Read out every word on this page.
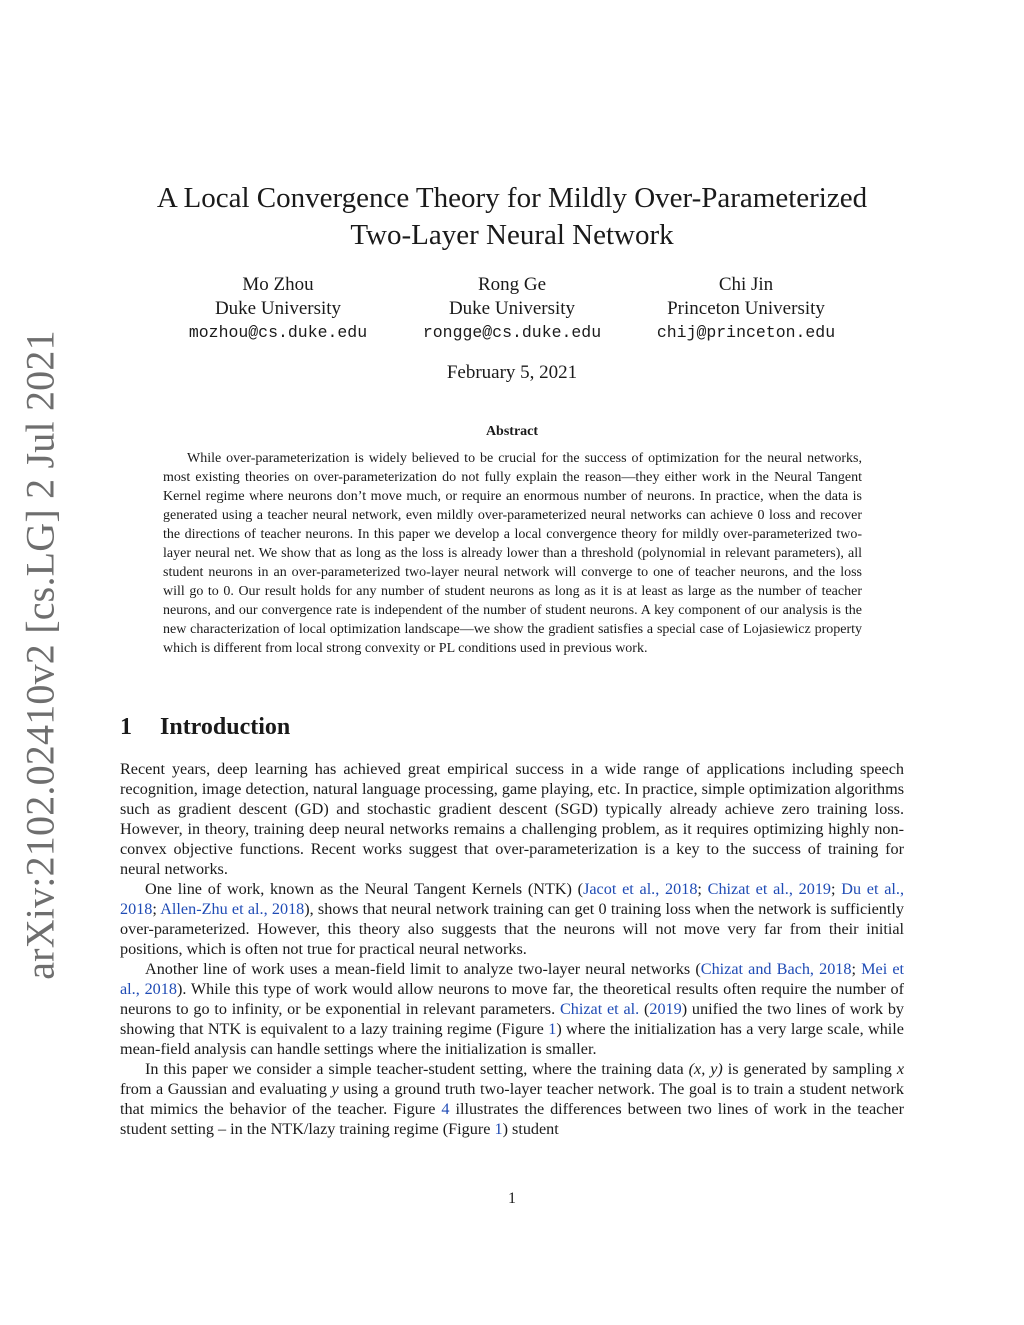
arXiv:2102.02410v2 [cs.LG] 2 Jul 2021
A Local Convergence Theory for Mildly Over-Parameterized
Two-Layer Neural Network
Mo Zhou
Duke University
mozhou@cs.duke.edu
Rong Ge
Duke University
rongge@cs.duke.edu
Chi Jin
Princeton University
chij@princeton.edu
February 5, 2021
Abstract

While over-parameterization is widely believed to be crucial for the success of optimization for the neural networks, most existing theories on over-parameterization do not fully explain the reason—they either work in the Neural Tangent Kernel regime where neurons don’t move much, or require an enormous number of neurons. In practice, when the data is generated using a teacher neural network, even mildly over-parameterized neural networks can achieve 0 loss and recover the directions of teacher neurons. In this paper we develop a local convergence theory for mildly over-parameterized two-layer neural net. We show that as long as the loss is already lower than a threshold (polynomial in relevant parameters), all student neurons in an over-parameterized two-layer neural network will converge to one of teacher neurons, and the loss will go to 0. Our result holds for any number of student neurons as long as it is at least as large as the number of teacher neurons, and our convergence rate is independent of the number of student neurons. A key component of our analysis is the new characterization of local optimization landscape—we show the gradient satisfies a special case of Lojasiewicz property which is different from local strong convexity or PL conditions used in previous work.

1 Introduction

Recent years, deep learning has achieved great empirical success in a wide range of applications including speech recognition, image detection, natural language processing, game playing, etc. In practice, simple optimization algorithms such as gradient descent (GD) and stochastic gradient descent (SGD) typically already achieve zero training loss. However, in theory, training deep neural networks remains a challenging problem, as it requires optimizing highly non-convex objective functions. Recent works suggest that over-parameterization is a key to the success of training for neural networks.

One line of work, known as the Neural Tangent Kernels (NTK) (Jacot et al., 2018; Chizat et al., 2019; Du et al., 2018; Allen-Zhu et al., 2018), shows that neural network training can get 0 training loss when the network is sufficiently over-parameterized. However, this theory also suggests that the neurons will not move very far from their initial positions, which is often not true for practical neural networks.

Another line of work uses a mean-field limit to analyze two-layer neural networks (Chizat and Bach, 2018; Mei et al., 2018). While this type of work would allow neurons to move far, the theoretical results often require the number of neurons to go to infinity, or be exponential in relevant parameters. Chizat et al. (2019) unified the two lines of work by showing that NTK is equivalent to a lazy training regime (Figure 1) where the initialization has a very large scale, while mean-field analysis can handle settings where the initialization is smaller.

In this paper we consider a simple teacher-student setting, where the training data (x, y) is generated by sampling x from a Gaussian and evaluating y using a ground truth two-layer teacher network. The goal is to train a student network that mimics the behavior of the teacher. Figure 4 illustrates the differences between two lines of work in the teacher student setting – in the NTK/lazy training regime (Figure 1) student

1
